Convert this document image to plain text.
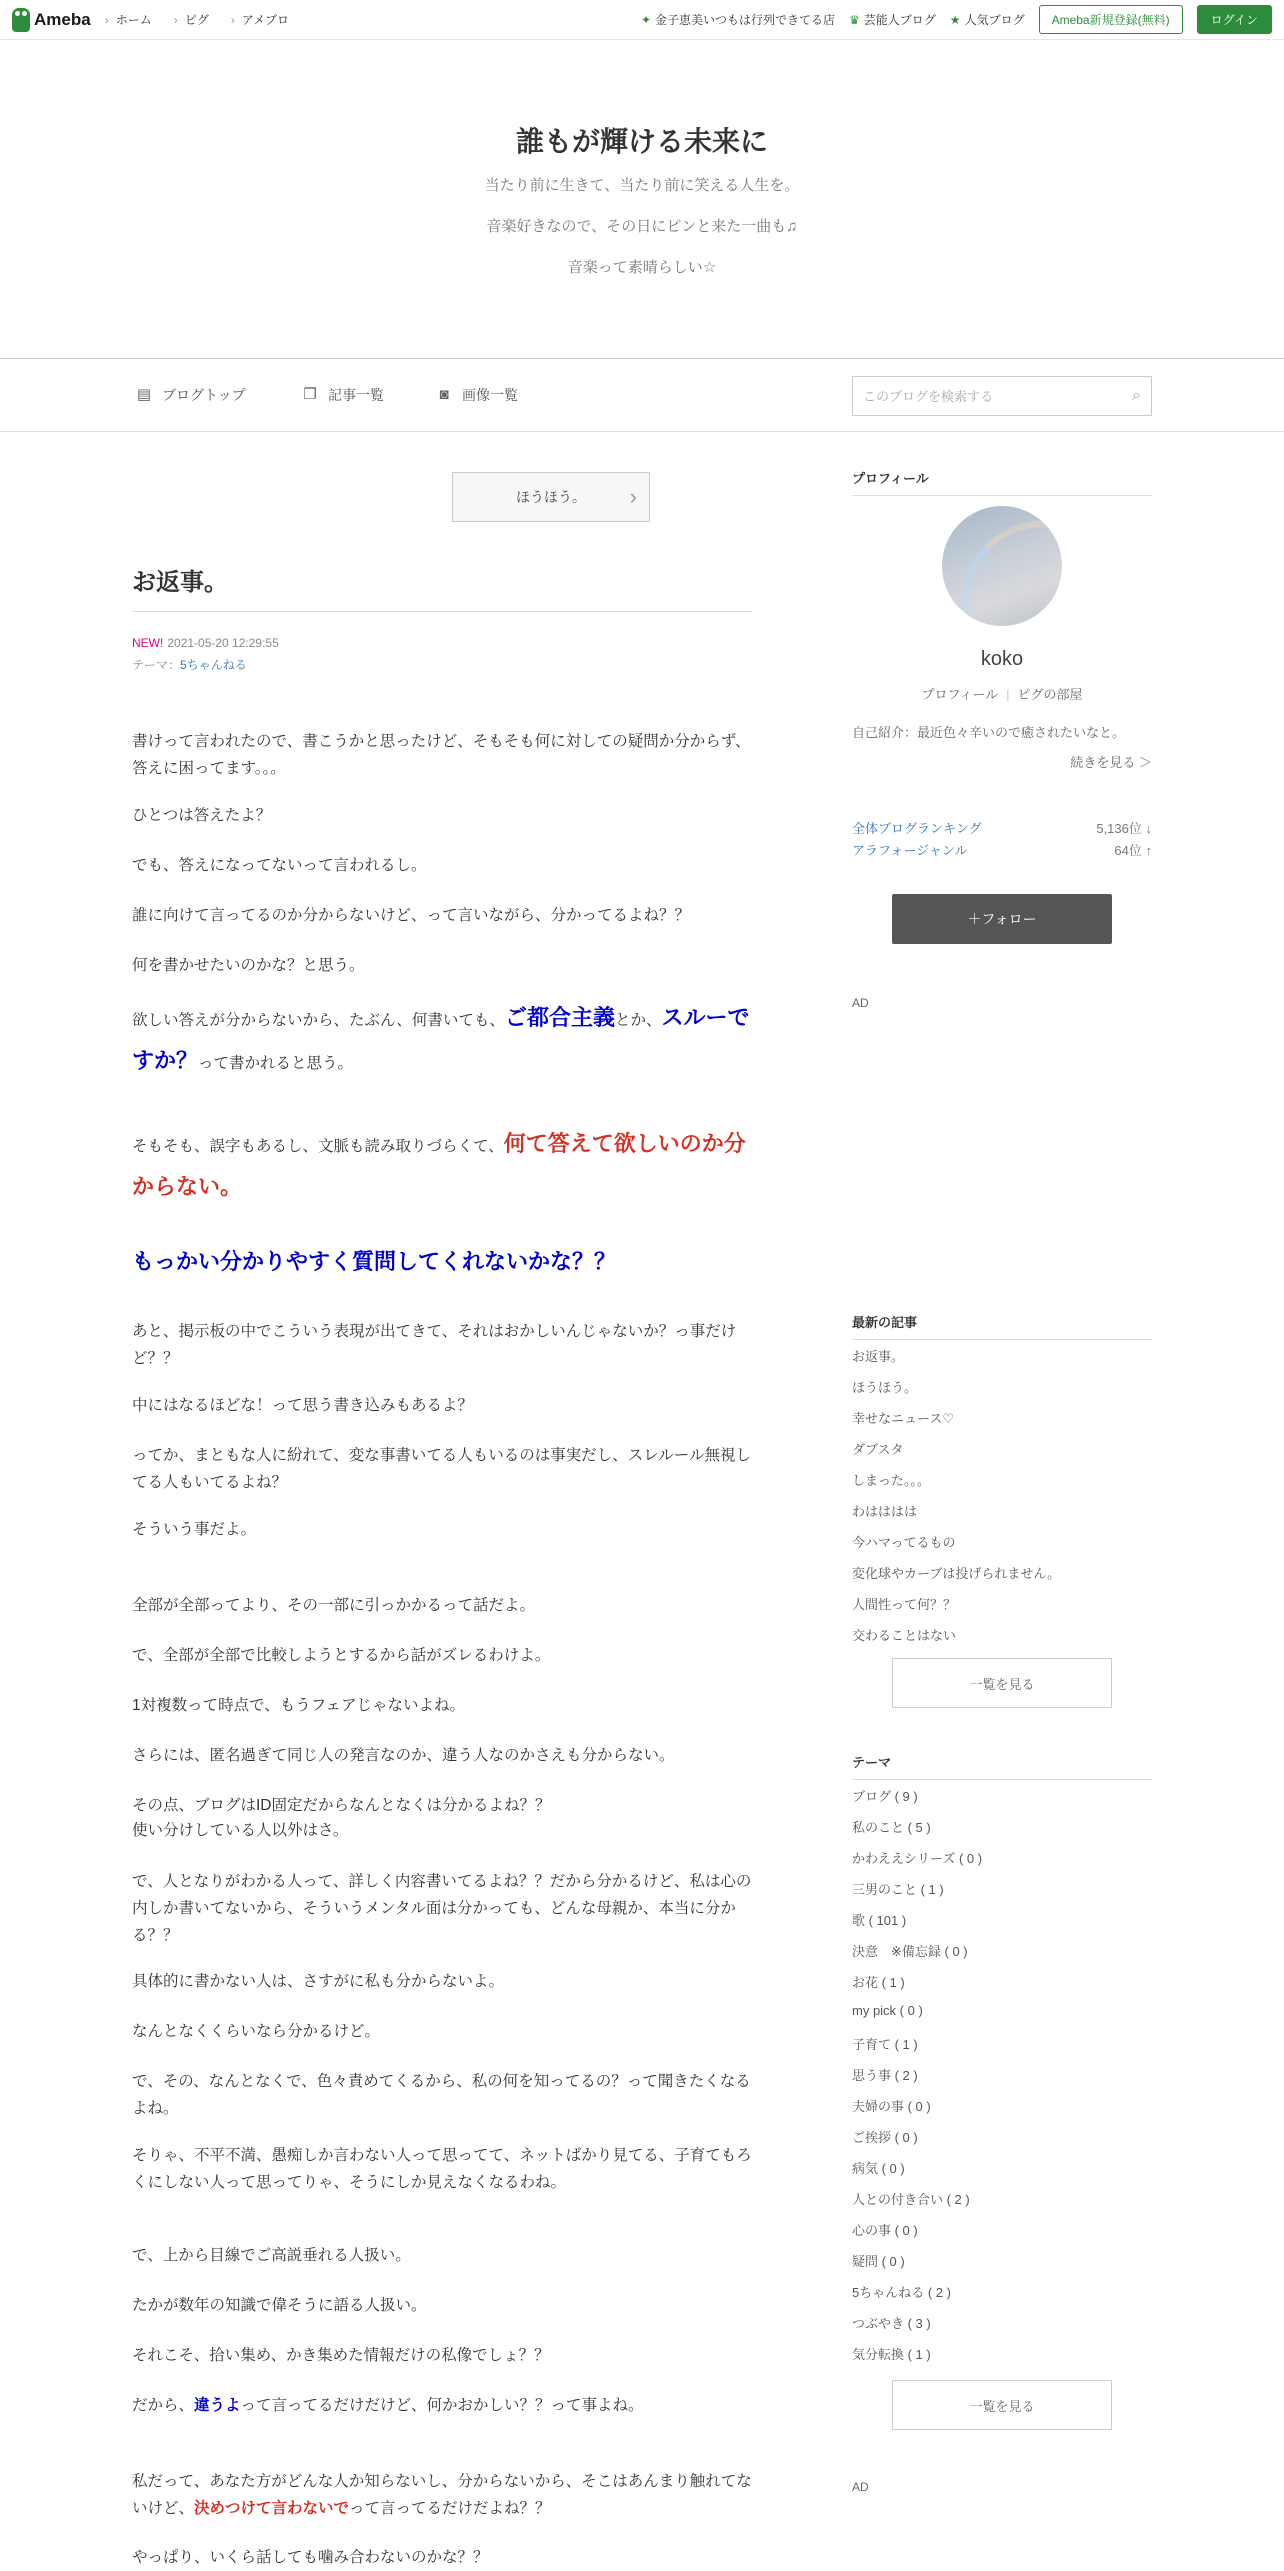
Ameba	› ホーム	› ピグ	› アメブロ	✦ 金子恵美いつもは行列できてる店 ♛ 芸能人ブログ ★ 人気ブログ	Ameba新規登録(無料)	ログイン
誰もが輝ける未来に

当たり前に生きて、当たり前に笑える人生を。

音楽好きなので、その日にピンと来た一曲も♫

音楽って素晴らしい☆

▤ ブログトップ	❐ 記事一覧	◙ 画像一覧
このブログを検索する	⌕
ほうほう。 ›
お返事。
NEW! 2021-05-20 12:29:55
テーマ：5ちゃんねる

書けって言われたので、書こうかと思ったけど、そもそも何に対しての疑問か分からず、答えに困ってます。。。

ひとつは答えたよ？

でも、答えになってないって言われるし。

誰に向けて言ってるのか分からないけど、って言いながら、分かってるよね？？

何を書かせたいのかな？と思う。

欲しい答えが分からないから、たぶん、何書いても、ご都合主義とか、スルーですか？って書かれると思う。

そもそも、誤字もあるし、文脈も読み取りづらくて、何て答えて欲しいのか分からない。

もっかい分かりやすく質問してくれないかな？？

あと、掲示板の中でこういう表現が出てきて、それはおかしいんじゃないか？っ事だけど？？

中にはなるほどな！って思う書き込みもあるよ？

ってか、まともな人に紛れて、変な事書いてる人もいるのは事実だし、スレルール無視してる人もいてるよね？

そういう事だよ。

全部が全部ってより、その一部に引っかかるって話だよ。

で、全部が全部で比較しようとするから話がズレるわけよ。

1対複数って時点で、もうフェアじゃないよね。

さらには、匿名過ぎて同じ人の発言なのか、違う人なのかさえも分からない。

その点、ブログはID固定だからなんとなくは分かるよね？？

使い分けしている人以外はさ。

で、人となりがわかる人って、詳しく内容書いてるよね？？だから分かるけど、私は心の内しか書いてないから、そういうメンタル面は分かっても、どんな母親か、本当に分かる？？

具体的に書かない人は、さすがに私も分からないよ。

なんとなくくらいなら分かるけど。

で、その、なんとなくで、色々責めてくるから、私の何を知ってるの？って聞きたくなるよね。

そりゃ、不平不満、愚痴しか言わない人って思ってて、ネットばかり見てる、子育てもろくにしない人って思ってりゃ、そうにしか見えなくなるわね。

で、上から目線でご高説垂れる人扱い。

たかが数年の知識で偉そうに語る人扱い。

それこそ、拾い集め、かき集めた情報だけの私像でしょ？？

だから、違うよって言ってるだけだけど、何かおかしい？？って事よね。

私だって、あなた方がどんな人か知らないし、分からないから、そこはあんまり触れてないけど、決めつけて言わないでって言ってるだけだよね？？

やっぱり、いくら話しても噛み合わないのかな？？

プロフィール
koko
プロフィール | ピグの部屋
自己紹介：最近色々辛いので癒されたいなと。
続きを見る ＞
全体ブログランキング	5,136位 ↓
アラフォージャンル	64位 ↑
＋フォロー
AD
最新の記事
お返事。
ほうほう。
幸せなニュース♡
ダブスタ
しまった。。。
わはははは
今ハマってるもの
変化球やカーブは投げられません。
人間性って何？？
交わることはない
一覧を見る
テーマ
ブログ ( 9 )
私のこと ( 5 )
かわええシリーズ ( 0 )
三男のこと ( 1 )
歌 ( 101 )
決意　※備忘録 ( 0 )
お花 ( 1 )
my pick ( 0 )
子育て ( 1 )
思う事 ( 2 )
夫婦の事 ( 0 )
ご挨拶 ( 0 )
病気 ( 0 )
人との付き合い ( 2 )
心の事 ( 0 )
疑問 ( 0 )
5ちゃんねる ( 2 )
つぶやき ( 3 )
気分転換 ( 1 )
一覧を見る
AD
